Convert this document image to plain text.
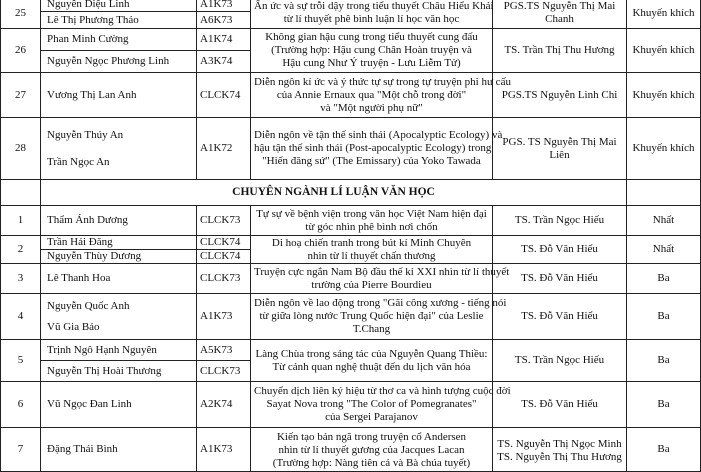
25	Nguyễn Diệu Linh	A1K73	Ấn ức và sự trỗi dậy trong tiểu thuyết Châu Hiểu Khải
từ lí thuyết phê bình luận lí học văn học	PGS.TS Nguyễn Thị Mai Chanh	Khuyến khích
	Lê Thị Phương Thảo	A6K73			
26	Phan Minh Cường	A1K74	Không gian hậu cung trong tiểu thuyết cung đấu
(Trường hợp: Hậu cung Chân Hoàn truyện và
Hậu cung Như Ý truyện - Lưu Liễm Tử)	TS. Trần Thị Thu Hương	Khuyến khích
	Nguyễn Ngọc Phương Linh	A3K74			
27	Vương Thị Lan Anh	CLCK74	Diễn ngôn kí ức và ý thức tự sự trong tự truyện phi hư cấu
của Annie Ernaux qua "Một chỗ trong đời"
và "Một người phụ nữ"	PGS.TS Nguyễn Linh Chi	Khuyến khích
28	Nguyễn Thúy An
Trần Ngọc An	A1K72	Diễn ngôn về tận thế sinh thái (Apocalyptic Ecology) và
hậu tận thế sinh thái (Post-apocalyptic Ecology) trong
"Hiến đăng sứ" (The Emissary) của Yoko Tawada	PGS. TS Nguyễn Thị Mai Liên	Khuyến khích
	CHUYÊN NGÀNH LÍ LUẬN VĂN HỌC				
1	Thẩm Ánh Dương	CLCK73	Tự sự về bệnh viện trong văn học Việt Nam hiện đại
từ góc nhìn phê bình nơi chốn	TS. Trần Ngọc Hiếu	Nhất
2	Trần Hải Đăng	CLCK74	Di hoạ chiến tranh trong bút kí Minh Chuyên
nhìn từ lí thuyết chấn thương	TS. Đỗ Văn Hiểu	Nhất
	Nguyễn Thùy Dương	CLCK74			
3	Lê Thanh Hoa	CLCK73	Truyện cực ngắn Nam Bộ đầu thế kỉ XXI nhìn từ lí thuyết
trường của Pierre Bourdieu	TS. Đỗ Văn Hiểu	Ba
4	Nguyễn Quốc Anh
Vũ Gia Bảo	A1K73	Diễn ngôn về lao động trong "Gãi công xương - tiếng nói
từ giữa lòng nước Trung Quốc hiện đại" của Leslie
T.Chang	TS. Đỗ Văn Hiểu	Ba
5	Trịnh Ngô Hạnh Nguyên	A5K73	Làng Chùa trong sáng tác của Nguyễn Quang Thiều:
Từ cảnh quan nghệ thuật đến du lịch văn hóa	TS. Trần Ngọc Hiếu	Ba
	Nguyễn Thị Hoài Thương	CLCK73			
6	Vũ Ngọc Đan Linh	A2K74	Chuyển dịch liên ký hiệu từ thơ ca và hình tượng cuộc đời
Sayat Nova trong "The Color of Pomegranates"
của Sergei Parajanov	TS. Đỗ Văn Hiểu	Ba
7	Đặng Thái Bình	A1K73	Kiến tạo bản ngã trong truyện cổ Andersen
nhìn từ lí thuyết gương của Jacques Lacan
(Trường hợp: Nàng tiên cá và Bà chúa tuyết)	TS. Nguyễn Thị Ngọc Minh
TS. Nguyễn Thị Thu Hương	Ba
